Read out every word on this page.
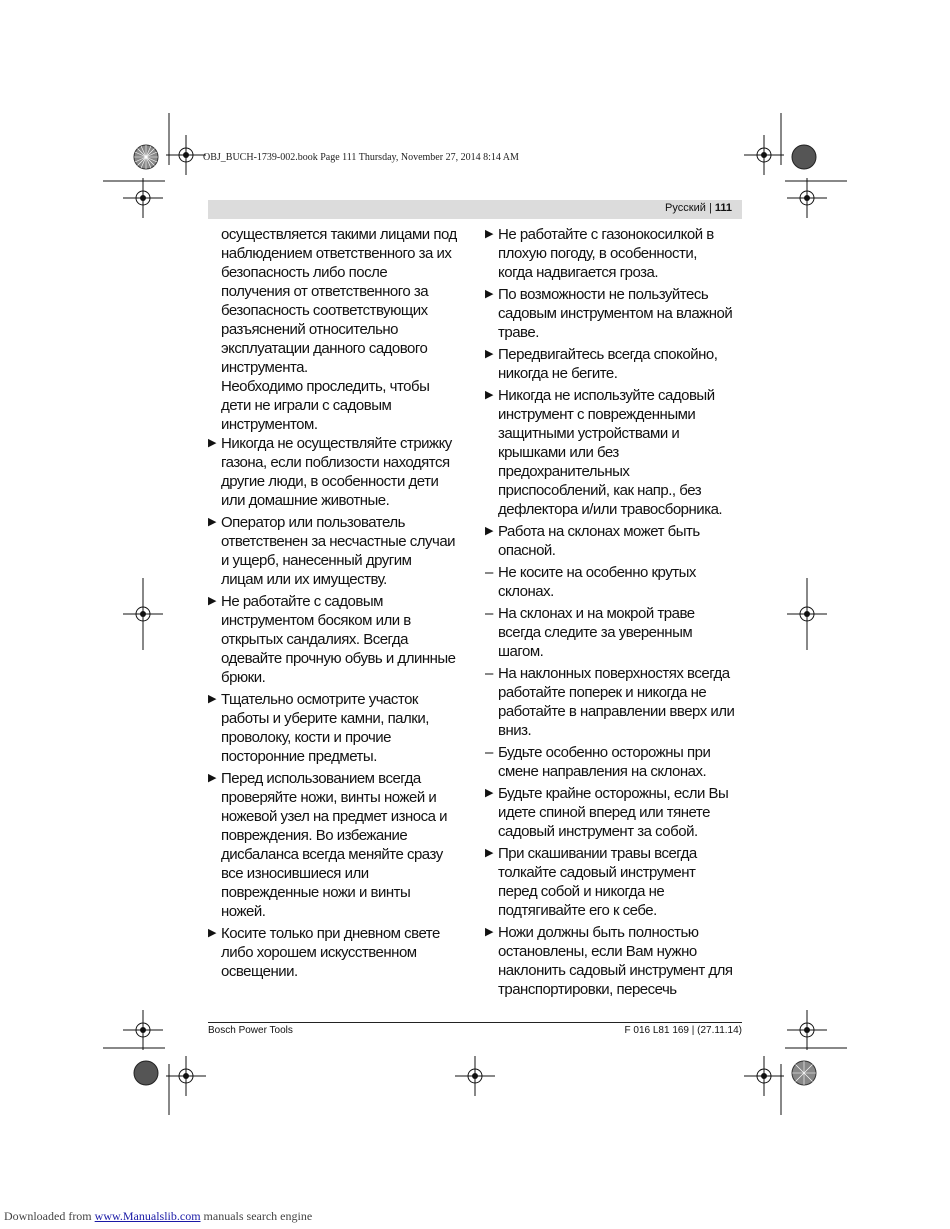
OBJ_BUCH-1739-002.book Page 111 Thursday, November 27, 2014 8:14 AM
Русский | 111
осуществляется такими лицами под
наблюдением ответственного за их
безопасность либо после
получения от ответственного за
безопасность соответствующих
разъяснений относительно
эксплуатации данного садового
инструмента.
Необходимо проследить, чтобы
дети не играли с садовым
инструментом.
▶ Никогда не осуществляйте стрижку
газона, если поблизости находятся
другие люди, в особенности дети
или домашние животные.
▶ Оператор или пользователь
ответственен за несчастные случаи
и ущерб, нанесенный другим
лицам или их имуществу.
▶ Не работайте с садовым
инструментом босяком или в
открытых сандалиях. Всегда
одевайте прочную обувь и длинные
брюки.
▶ Тщательно осмотрите участок
работы и уберите камни, палки,
проволоку, кости и прочие
посторонние предметы.
▶ Перед использованием всегда
проверяйте ножи, винты ножей и
ножевой узел на предмет износа и
повреждения. Во избежание
дисбаланса всегда меняйте сразу
все износившиеся или
поврежденные ножи и винты
ножей.
▶ Косите только при дневном свете
либо хорошем искусственном
освещении.
▶ Не работайте с газонокосилкой в
плохую погоду, в особенности,
когда надвигается гроза.
▶ По возможности не пользуйтесь
садовым инструментом на влажной
траве.
▶ Передвигайтесь всегда спокойно,
никогда не бегите.
▶ Никогда не используйте садовый
инструмент с поврежденными
защитными устройствами и
крышками или без
предохранительных
приспособлений, как напр., без
дефлектора и/или травосборника.
▶ Работа на склонах может быть
опасной.
– Не косите на особенно крутых
склонах.
– На склонах и на мокрой траве
всегда следите за уверенным
шагом.
– На наклонных поверхностях всегда
работайте поперек и никогда не
работайте в направлении вверх или
вниз.
– Будьте особенно осторожны при
смене направления на склонах.
▶ Будьте крайне осторожны, если Вы
идете спиной вперед или тянете
садовый инструмент за собой.
▶ При скашивании травы всегда
толкайте садовый инструмент
перед собой и никогда не
подтягивайте его к себе.
▶ Ножи должны быть полностью
остановлены, если Вам нужно
наклонить садовый инструмент для
транспортировки, пересечь
Bosch Power Tools	F 016 L81 169 | (27.11.14)
Downloaded from www.Manualslib.com manuals search engine
